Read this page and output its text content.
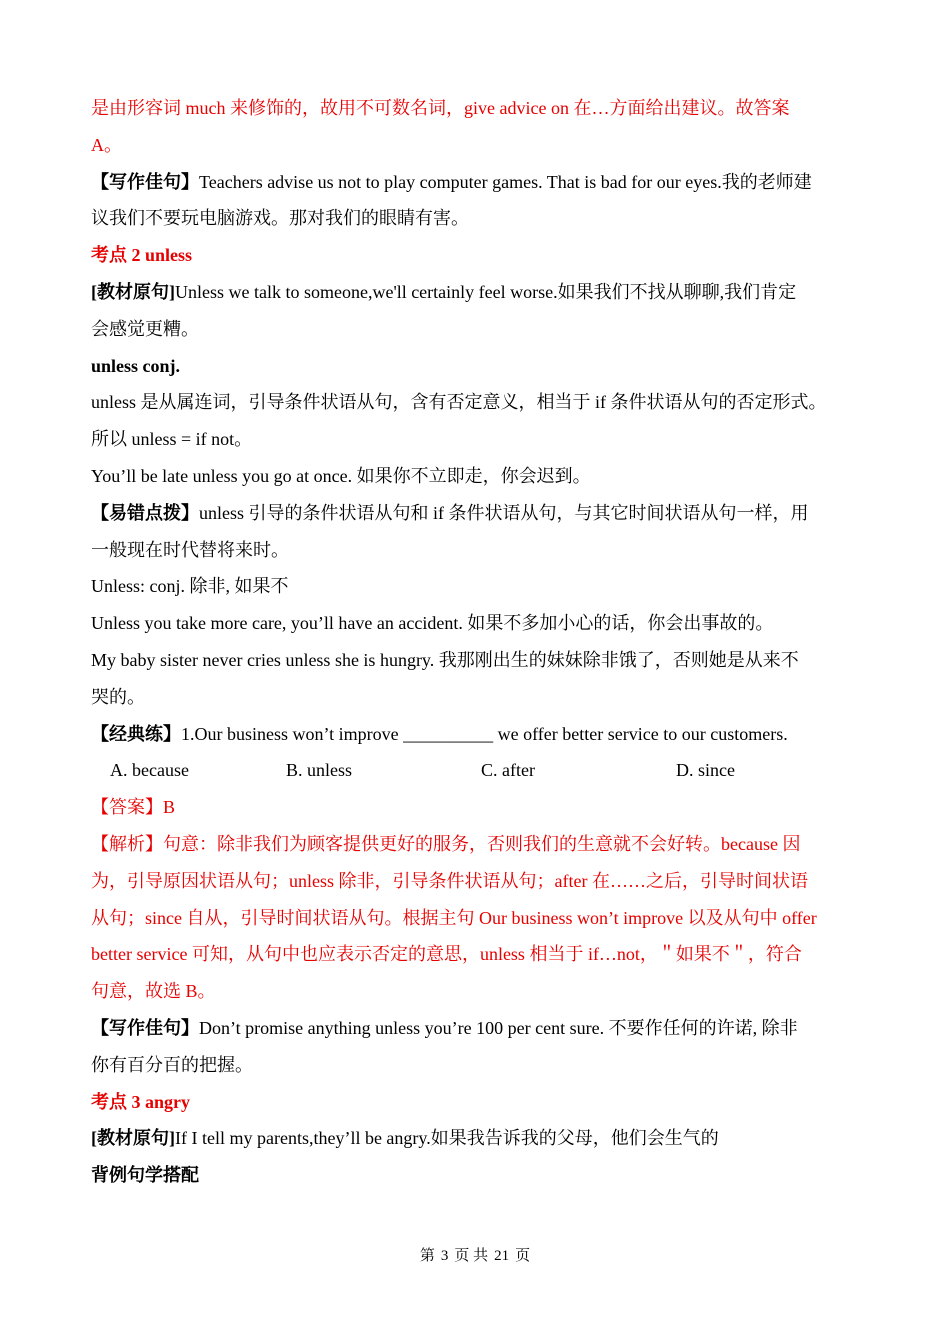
是由形容词 much 来修饰的，故用不可数名词，give advice on 在…方面给出建议。故答案
A。
【写作佳句】Teachers advise us not to play computer games. That is bad for our eyes.我的老师建
议我们不要玩电脑游戏。那对我们的眼睛有害。
考点 2 unless
[教材原句]Unless we talk to someone,we'll certainly feel worse.如果我们不找从聊聊,我们肯定
会感觉更糟。
unless conj.
unless 是从属连词，引导条件状语从句，含有否定意义，相当于 if 条件状语从句的否定形式。
所以 unless = if not。
You’ll be late unless you go at once. 如果你不立即走，你会迟到。
【易错点拨】unless 引导的条件状语从句和 if 条件状语从句，与其它时间状语从句一样，用
一般现在时代替将来时。
Unless: conj. 除非, 如果不
Unless you take more care, you’ll have an accident. 如果不多加小心的话，你会出事故的。
My baby sister never cries unless she is hungry. 我那刚出生的妹妹除非饿了，否则她是从来不
哭的。
【经典练】1.Our business won’t improve __________ we offer better service to our customers.
A. because	B. unless	C. after	D. since
【答案】B
【解析】句意：除非我们为顾客提供更好的服务，否则我们的生意就不会好转。because 因
为，引导原因状语从句；unless 除非，引导条件状语从句；after 在……之后，引导时间状语
从句；since 自从，引导时间状语从句。根据主句 Our business won’t improve 以及从句中 offer
better service 可知，从句中也应表示否定的意思，unless 相当于 if…not，＂如果不＂，符合
句意，故选 B。
【写作佳句】Don’t promise anything unless you’re 100 per cent sure. 不要作任何的许诺, 除非
你有百分百的把握。
考点 3 angry
[教材原句]If I tell my parents,they’ll be angry.如果我告诉我的父母，他们会生气的
背例句学搭配
第 3 页 共 21 页
